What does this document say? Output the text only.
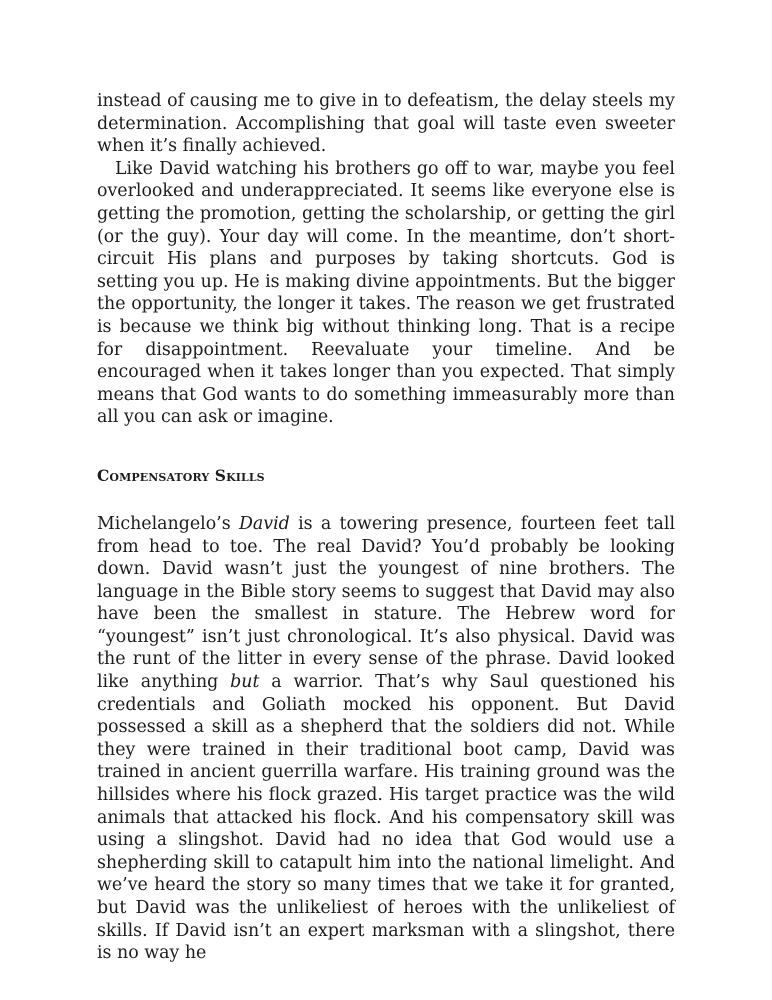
instead of causing me to give in to defeatism, the delay steels my determination. Accomplishing that goal will taste even sweeter when it’s finally achieved.

Like David watching his brothers go off to war, maybe you feel overlooked and underappreciated. It seems like everyone else is getting the promotion, getting the scholarship, or getting the girl (or the guy). Your day will come. In the meantime, don’t short-circuit His plans and purposes by taking shortcuts. God is setting you up. He is making divine appointments. But the bigger the opportunity, the longer it takes. The reason we get frustrated is because we think big without thinking long. That is a recipe for disappointment. Reevaluate your timeline. And be encouraged when it takes longer than you expected. That simply means that God wants to do something immeasurably more than all you can ask or imagine.

Compensatory Skills

Michelangelo’s David is a towering presence, fourteen feet tall from head to toe. The real David? You’d probably be looking down. David wasn’t just the youngest of nine brothers. The language in the Bible story seems to suggest that David may also have been the smallest in stature. The Hebrew word for “youngest” isn’t just chronological. It’s also physical. David was the runt of the litter in every sense of the phrase. David looked like anything but a warrior. That’s why Saul questioned his credentials and Goliath mocked his opponent. But David possessed a skill as a shepherd that the soldiers did not. While they were trained in their traditional boot camp, David was trained in ancient guerrilla warfare. His training ground was the hillsides where his flock grazed. His target practice was the wild animals that attacked his flock. And his compensatory skill was using a slingshot. David had no idea that God would use a shepherding skill to catapult him into the national limelight. And we’ve heard the story so many times that we take it for granted, but David was the unlikeliest of heroes with the unlikeliest of skills. If David isn’t an expert marksman with a slingshot, there is no way he
